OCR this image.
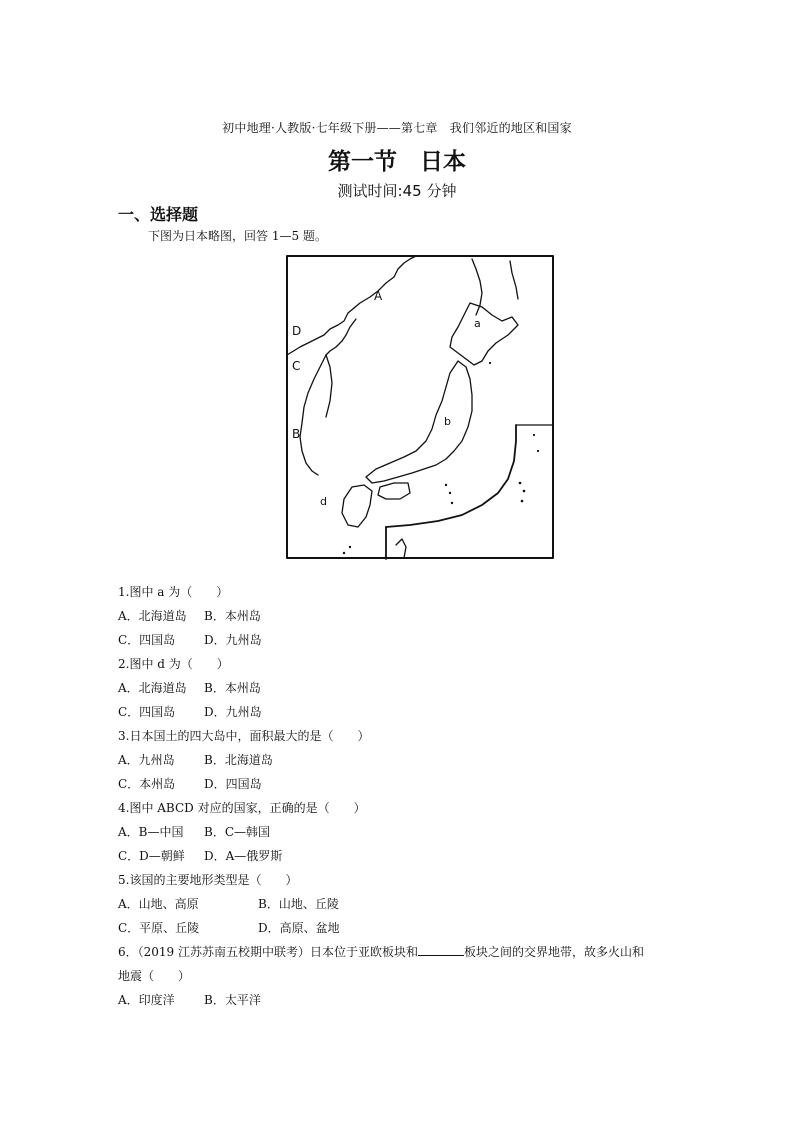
初中地理·人教版·七年级下册——第七章　我们邻近的地区和国家
第一节　日本
测试时间:45 分钟
一、选择题
下图为日本略图，回答 1—5 题。
A
D
C
B
a
b
d
1.图中 a 为（　　）
A．北海道岛 B．本州岛
C．四国岛 D．九州岛
2.图中 d 为（　　）
A．北海道岛 B．本州岛
C．四国岛 D．九州岛
3.日本国土的四大岛中，面积最大的是（　　）
A．九州岛 B．北海道岛
C．本州岛 D．四国岛
4.图中 ABCD 对应的国家，正确的是（　　）
A．B—中国 B．C—韩国
C．D—朝鲜 D．A—俄罗斯
5.该国的主要地形类型是（　　）
A．山地、高原	B．山地、丘陵
C．平原、丘陵	D．高原、盆地
6．（2019 江苏苏南五校期中联考）日本位于亚欧板块和	板块之间的交界地带，故多火山和
地震（　　）
A．印度洋 B．太平洋
